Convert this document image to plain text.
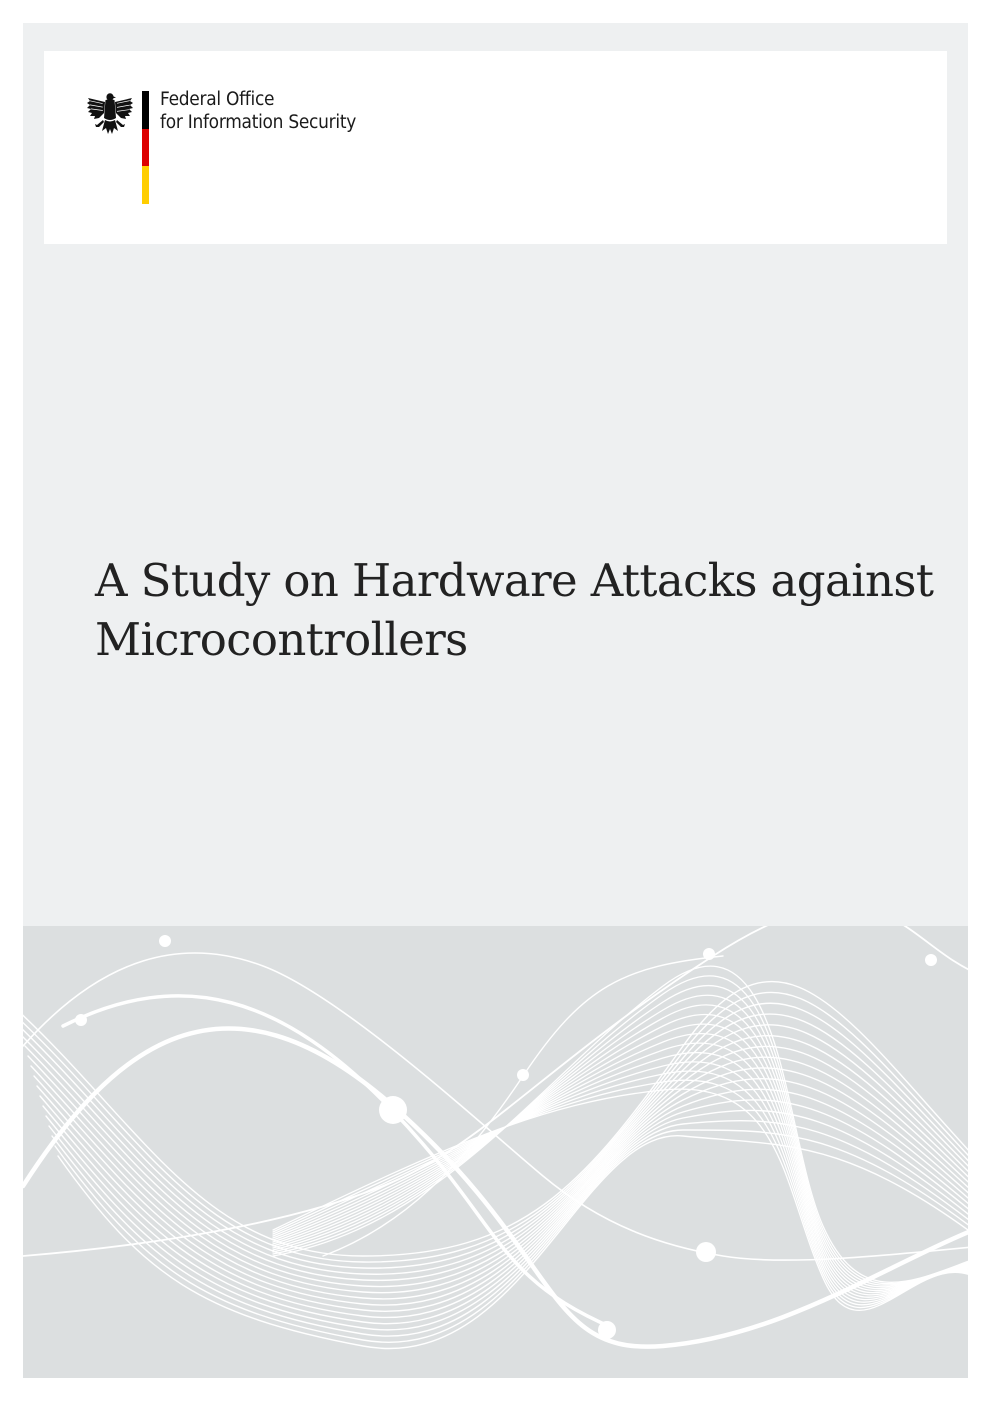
Federal Office
for Information Security
A Study on Hardware Attacks against
Microcontrollers
